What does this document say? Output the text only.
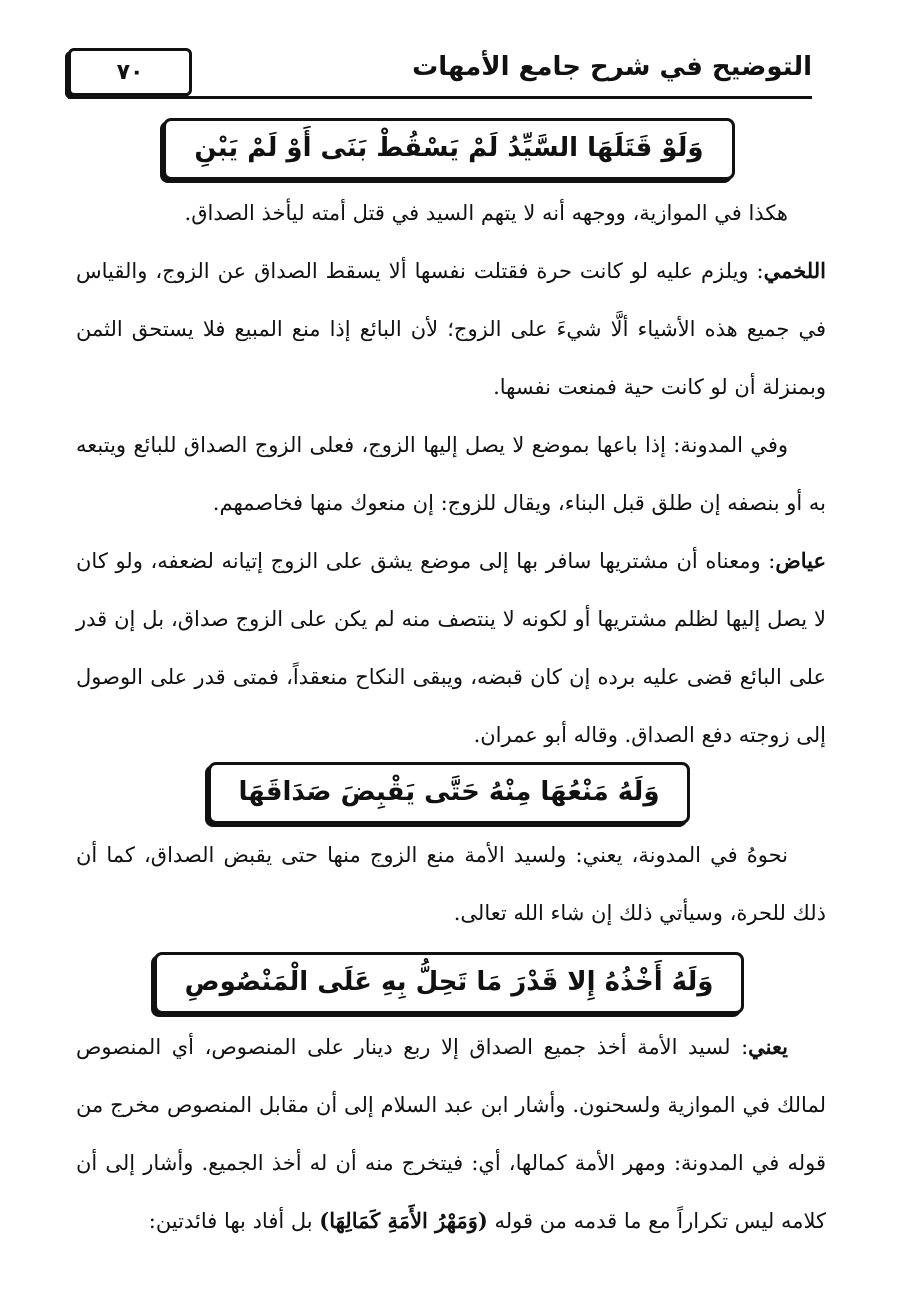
التوضيح في شرح جامع الأمهات
٧٠
وَلَوْ قَتَلَهَا السَّيِّدُ لَمْ يَسْقُطْ بَنَى أَوْ لَمْ يَبْنِ

هكذا في الموازية، ووجهه أنه لا يتهم السيد في قتل أمته ليأخذ الصداق.

اللخمي: ويلزم عليه لو كانت حرة فقتلت نفسها ألا يسقط الصداق عن الزوج، والقياس في جميع هذه الأشياء ألَّا شيءَ على الزوج؛ لأن البائع إذا منع المبيع فلا يستحق الثمن وبمنزلة أن لو كانت حية فمنعت نفسها.

وفي المدونة: إذا باعها بموضع لا يصل إليها الزوج، فعلى الزوج الصداق للبائع ويتبعه به أو بنصفه إن طلق قبل البناء، ويقال للزوج: إن منعوك منها فخاصمهم.

عياض: ومعناه أن مشتريها سافر بها إلى موضع يشق على الزوج إتيانه لضعفه، ولو كان لا يصل إليها لظلم مشتريها أو لكونه لا ينتصف منه لم يكن على الزوج صداق، بل إن قدر على البائع قضى عليه برده إن كان قبضه، ويبقى النكاح منعقداً، فمتى قدر على الوصول إلى زوجته دفع الصداق. وقاله أبو عمران.

وَلَهُ مَنْعُهَا مِنْهُ حَتَّى يَقْبِضَ صَدَاقَهَا

نحوهُ في المدونة، يعني: ولسيد الأمة منع الزوج منها حتى يقبض الصداق، كما أن ذلك للحرة، وسيأتي ذلك إن شاء الله تعالى.

وَلَهُ أَخْذُهُ إِلا قَدْرَ مَا تَحِلُّ بِهِ عَلَى الْمَنْصُوصِ

يعني: لسيد الأمة أخذ جميع الصداق إلا ربع دينار على المنصوص، أي المنصوص لمالك في الموازية ولسحنون. وأشار ابن عبد السلام إلى أن مقابل المنصوص مخرج من قوله في المدونة: ومهر الأمة كمالها، أي: فيتخرج منه أن له أخذ الجميع. وأشار إلى أن كلامه ليس تكراراً مع ما قدمه من قوله (وَمَهْرُ الأَمَةِ كَمَالِهَا) بل أفاد بها فائدتين:
